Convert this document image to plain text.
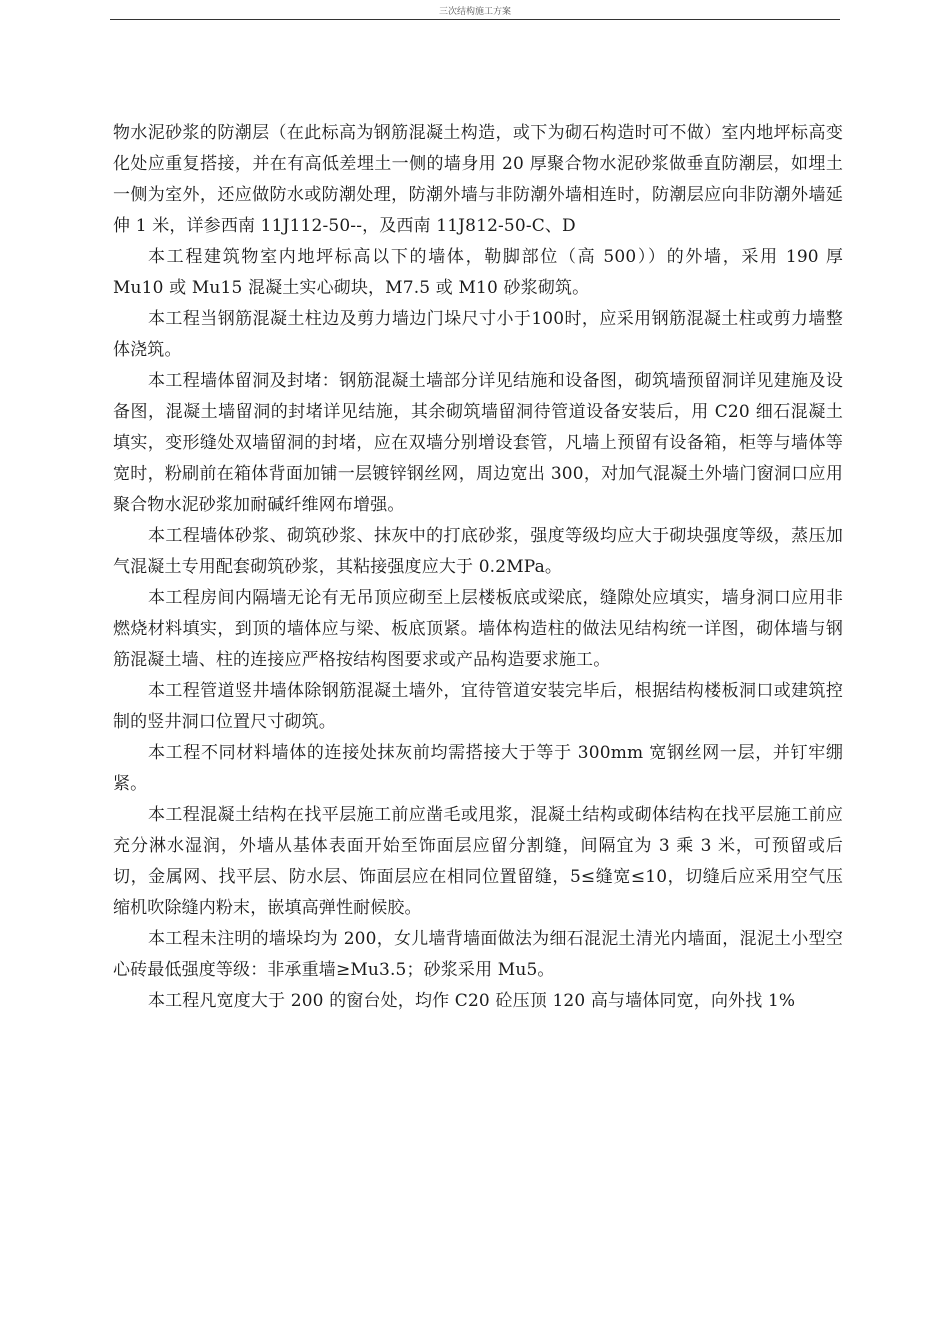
三次结构施工方案

物水泥砂浆的防潮层（在此标高为钢筋混凝土构造，或下为砌石构造时可不做）室内地坪标高变化处应重复搭接，并在有高低差埋土一侧的墙身用 20 厚聚合物水泥砂浆做垂直防潮层，如埋土一侧为室外，还应做防水或防潮处理，防潮外墙与非防潮外墙相连时，防潮层应向非防潮外墙延伸 1 米，详参西南 11J112-50--，及西南 11J812-50-C、D

本工程建筑物室内地坪标高以下的墙体，勒脚部位（高 500））的外墙，采用 190 厚 Mu10 或 Mu15 混凝土实心砌块，M7.5 或 M10 砂浆砌筑。

本工程当钢筋混凝土柱边及剪力墙边门垛尺寸小于100时，应采用钢筋混凝土柱或剪力墙整体浇筑。

本工程墙体留洞及封堵：钢筋混凝土墙部分详见结施和设备图，砌筑墙预留洞详见建施及设备图，混凝土墙留洞的封堵详见结施，其余砌筑墙留洞待管道设备安装后，用 C20 细石混凝土填实，变形缝处双墙留洞的封堵，应在双墙分别增设套管，凡墙上预留有设备箱，柜等与墙体等宽时，粉刷前在箱体背面加铺一层镀锌钢丝网，周边宽出 300，对加气混凝土外墙门窗洞口应用聚合物水泥砂浆加耐碱纤维网布增强。

本工程墙体砂浆、砌筑砂浆、抹灰中的打底砂浆，强度等级均应大于砌块强度等级，蒸压加气混凝土专用配套砌筑砂浆，其粘接强度应大于 0.2MPa。

本工程房间内隔墙无论有无吊顶应砌至上层楼板底或梁底，缝隙处应填实，墙身洞口应用非燃烧材料填实，到顶的墙体应与梁、板底顶紧。墙体构造柱的做法见结构统一详图，砌体墙与钢筋混凝土墙、柱的连接应严格按结构图要求或产品构造要求施工。

本工程管道竖井墙体除钢筋混凝土墙外，宜待管道安装完毕后，根据结构楼板洞口或建筑控制的竖井洞口位置尺寸砌筑。

本工程不同材料墙体的连接处抹灰前均需搭接大于等于 300mm 宽钢丝网一层，并钉牢绷紧。

本工程混凝土结构在找平层施工前应凿毛或甩浆，混凝土结构或砌体结构在找平层施工前应充分淋水湿润，外墙从基体表面开始至饰面层应留分割缝，间隔宜为 3 乘 3 米，可预留或后切，金属网、找平层、防水层、饰面层应在相同位置留缝，5≤缝宽≤10，切缝后应采用空气压缩机吹除缝内粉末，嵌填高弹性耐候胶。

本工程未注明的墙垛均为 200，女儿墙背墙面做法为细石混泥土清光内墙面，混泥土小型空心砖最低强度等级：非承重墙≥Mu3.5；砂浆采用 Mu5。

本工程凡宽度大于 200 的窗台处，均作 C20 砼压顶 120 高与墙体同宽，向外找 1%
